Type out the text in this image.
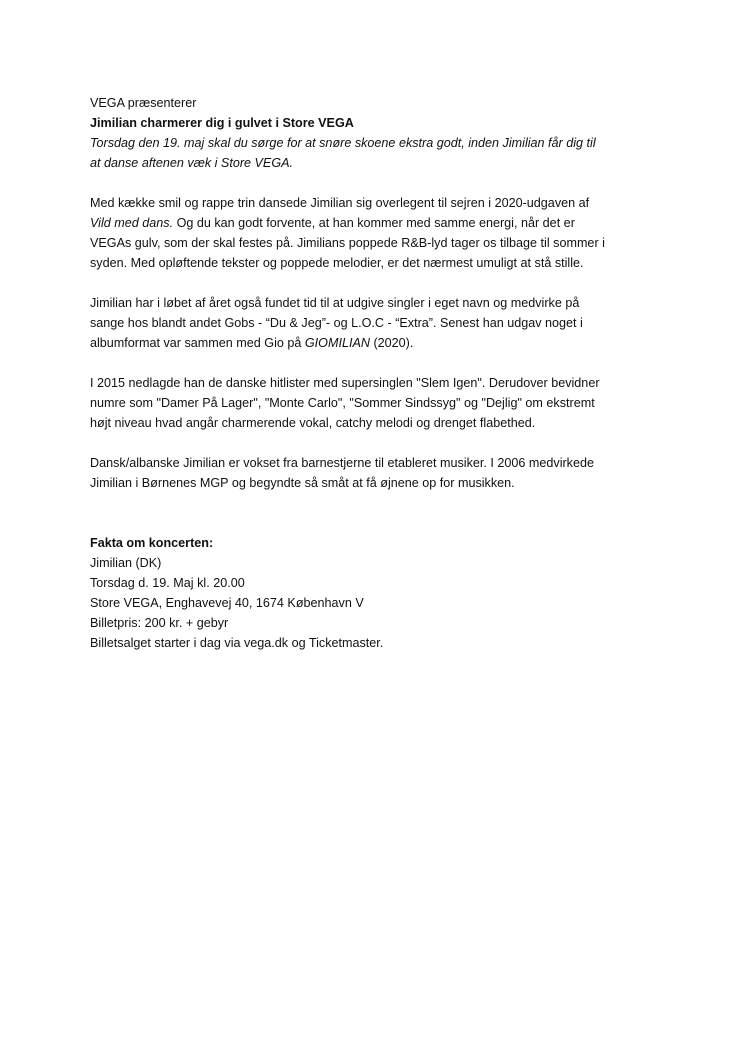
VEGA præsenterer
Jimilian charmerer dig i gulvet i Store VEGA
Torsdag den 19. maj skal du sørge for at snøre skoene ekstra godt, inden Jimilian får dig til
at danse aftenen væk i Store VEGA.
Med kække smil og rappe trin dansede Jimilian sig overlegent til sejren i 2020-udgaven af
Vild med dans. Og du kan godt forvente, at han kommer med samme energi, når det er
VEGAs gulv, som der skal festes på. Jimilians poppede R&B-lyd tager os tilbage til sommer i
syden. Med opløftende tekster og poppede melodier, er det nærmest umuligt at stå stille.
Jimilian har i løbet af året også fundet tid til at udgive singler i eget navn og medvirke på
sange hos blandt andet Gobs - “Du & Jeg”- og L.O.C - “Extra”. Senest han udgav noget i
albumformat var sammen med Gio på GIOMILIAN (2020).
I 2015 nedlagde han de danske hitlister med supersinglen "Slem Igen". Derudover bevidner
numre som "Damer På Lager", "Monte Carlo", "Sommer Sindssyg" og "Dejlig" om ekstremt
højt niveau hvad angår charmerende vokal, catchy melodi og drenget flabethed.
Dansk/albanske Jimilian er vokset fra barnestjerne til etableret musiker. I 2006 medvirkede
Jimilian i Børnenes MGP og begyndte så småt at få øjnene op for musikken.
Fakta om koncerten:
Jimilian (DK)
Torsdag d. 19. Maj kl. 20.00
Store VEGA, Enghavevej 40, 1674 København V
Billetpris: 200 kr. + gebyr
Billetsalget starter i dag via vega.dk og Ticketmaster.
